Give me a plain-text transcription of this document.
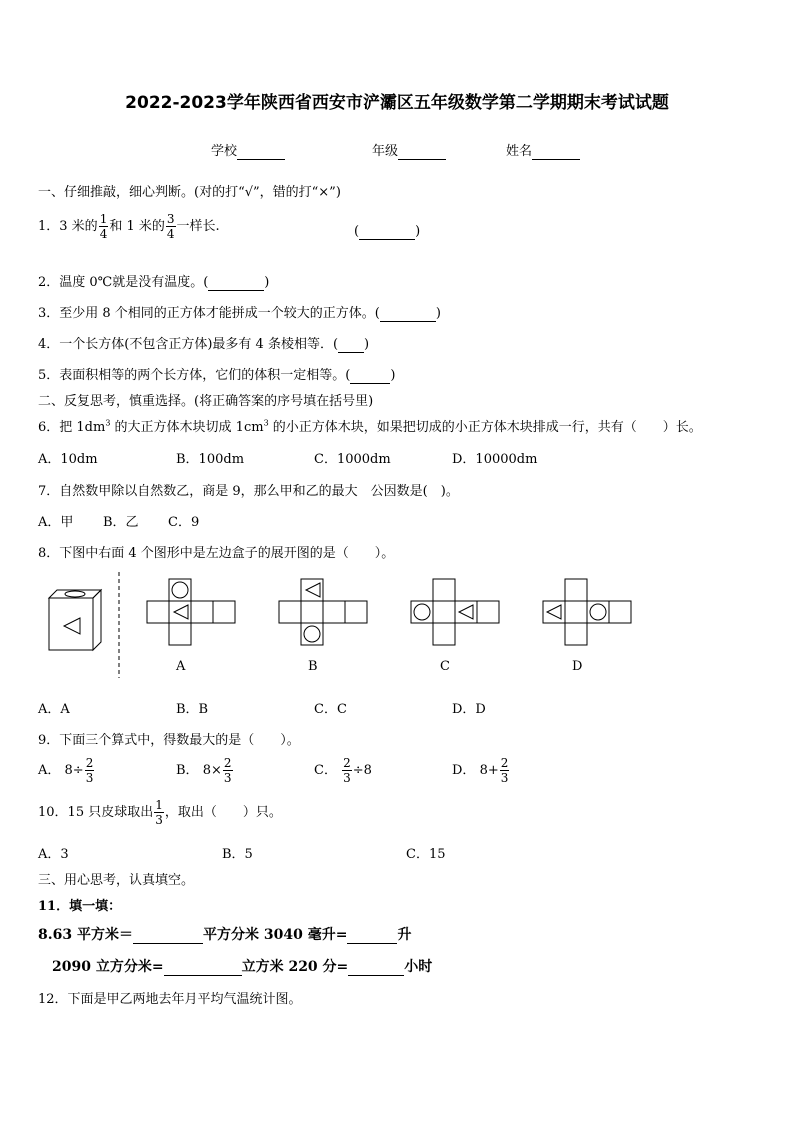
2022-2023学年陕西省西安市浐灞区五年级数学第二学期期末考试试题
学校	年级	姓名
一、仔细推敲，细心判断。(对的打“√”，错的打“×”)
1．3 米的 $\frac{1}{4}$ 和 1 米的 $\frac{3}{4}$ 一样长.	(	)
2．温度 0℃就是没有温度。(	)
3．至少用 8 个相同的正方体才能拼成一个较大的正方体。(	)
4．一个长方体(不包含正方体)最多有 4 条棱相等．( )
5．表面积相等的两个长方体，它们的体积一定相等。(	)
二、反复思考，慎重选择。(将正确答案的序号填在括号里)
6．把 $1dm^3$ 的大正方体木块切成 $1cm^3$ 的小正方体木块，如果把切成的小正方体木块排成一行，共有（　　）长。
A．10dm	B．100dm	C．1000dm	D．10000dm
7．自然数甲除以自然数乙，商是 9，那么甲和乙的最大　公因数是(　)。
A．甲 B．乙 C．9
8．下图中右面 4 个图形中是左边盒子的展开图的是（　　）。
A	B	C	D
A．A	B．B	C．C	D．D
9．下面三个算式中，得数最大的是（　　）。
A． $8\div \frac{2}{3}$	B． $8\times \frac{2}{3}$	C． $\frac{2}{3} \div 8$	D． $8+ \frac{2}{3}$
10．15 只皮球取出 $\frac{1}{3}$ ，取出（　　）只。
A．3	B．5	C．15
三、用心思考，认真填空。
11．填一填：
8.63 平方米＝	平方分米 3040 毫升=	升
2090 立方分米=	立方米 220 分=	小时
12．下面是甲乙两地去年月平均气温统计图。
